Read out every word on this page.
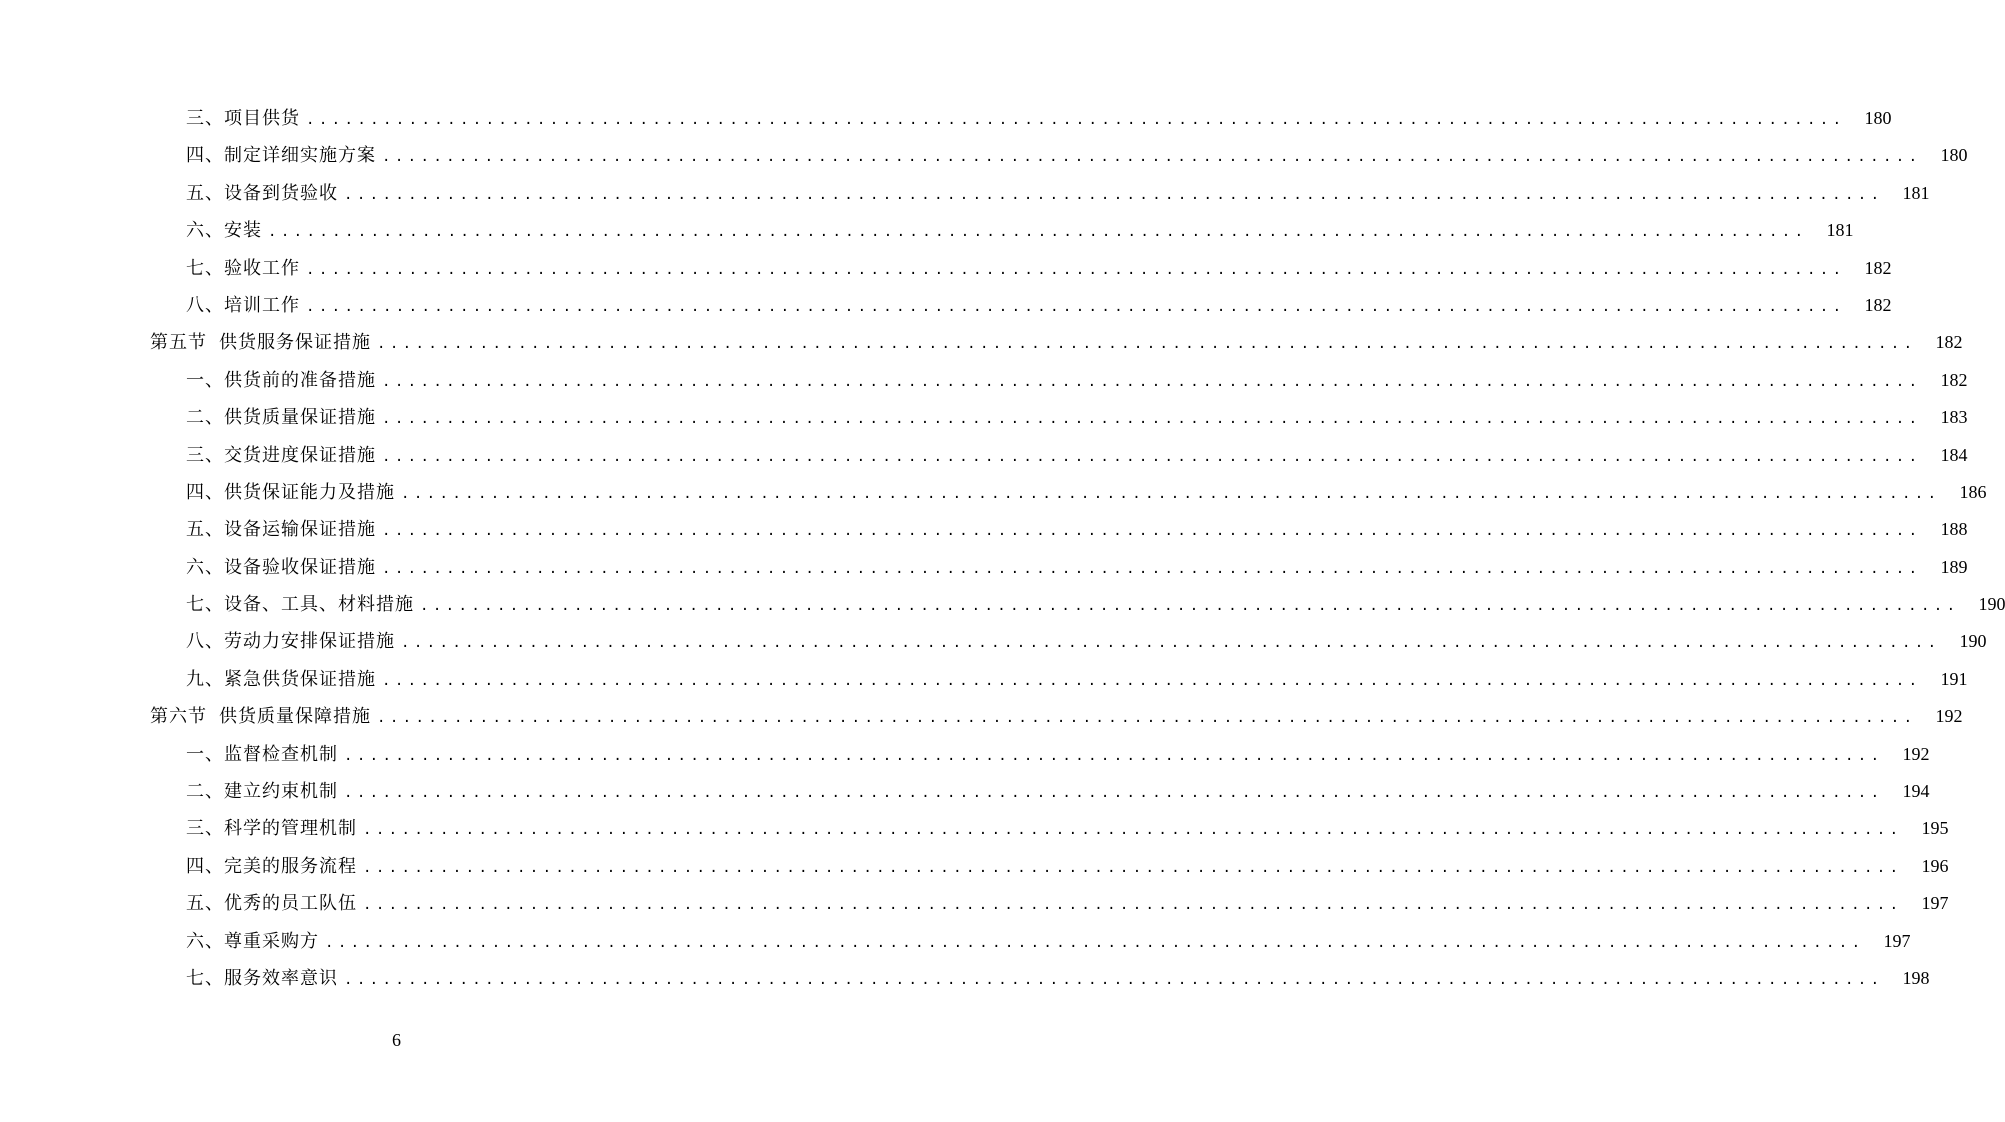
三、项目供货 ........................................................................................................................	180
四、制定详细实施方案 ........................................................................................................................	180
五、设备到货验收 ........................................................................................................................	181
六、安装 ........................................................................................................................	181
七、验收工作 ........................................................................................................................	182
八、培训工作 ........................................................................................................................	182
第五节 供货服务保证措施 ........................................................................................................................	182
一、供货前的准备措施 ........................................................................................................................	182
二、供货质量保证措施 ........................................................................................................................	183
三、交货进度保证措施 ........................................................................................................................	184
四、供货保证能力及措施 ........................................................................................................................	186
五、设备运输保证措施 ........................................................................................................................	188
六、设备验收保证措施 ........................................................................................................................	189
七、设备、工具、材料措施 ........................................................................................................................	190
八、劳动力安排保证措施 ........................................................................................................................	190
九、紧急供货保证措施 ........................................................................................................................	191
第六节 供货质量保障措施 ........................................................................................................................	192
一、监督检查机制 ........................................................................................................................	192
二、建立约束机制 ........................................................................................................................	194
三、科学的管理机制 ........................................................................................................................	195
四、完美的服务流程 ........................................................................................................................	196
五、优秀的员工队伍 ........................................................................................................................	197
六、尊重采购方 ........................................................................................................................	197
七、服务效率意识 ........................................................................................................................	198
6
